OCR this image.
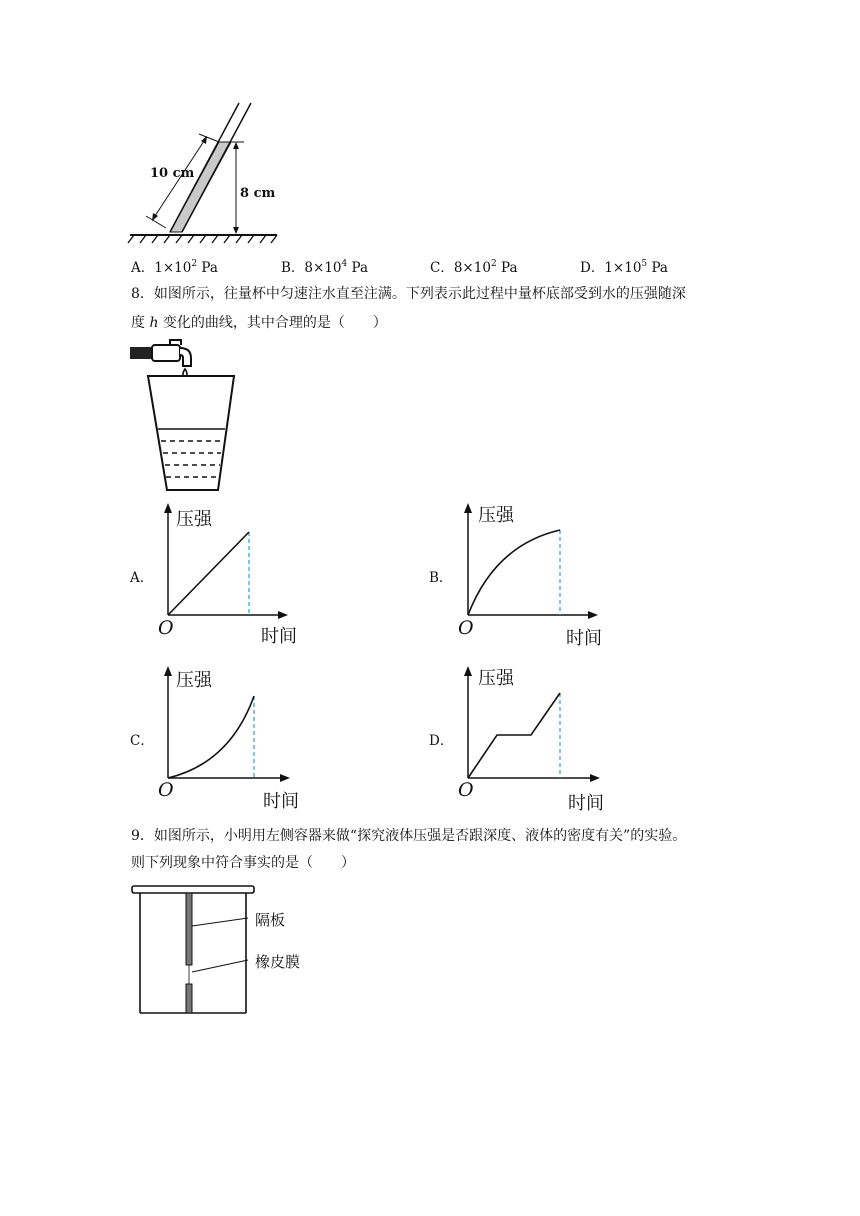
10 cm
8 cm
A．$1\times 10^2$ Pa	B．$8\times 10^4$ Pa	C．$8\times 10^2$ Pa	D．$1\times 10^5$ Pa
8．如图所示，往量杯中匀速注水直至注满。下列表示此过程中量杯底部受到水的压强随深
度 h 变化的曲线，其中合理的是（　　）
A．
压强
时间
O
B．
压强
时间
O
C．
压强
时间
O
D．
压强
时间
O
9．如图所示，小明用左侧容器来做“探究液体压强是否跟深度、液体的密度有关”的实验。
则下列现象中符合事实的是（　　）
隔板
橡皮膜
